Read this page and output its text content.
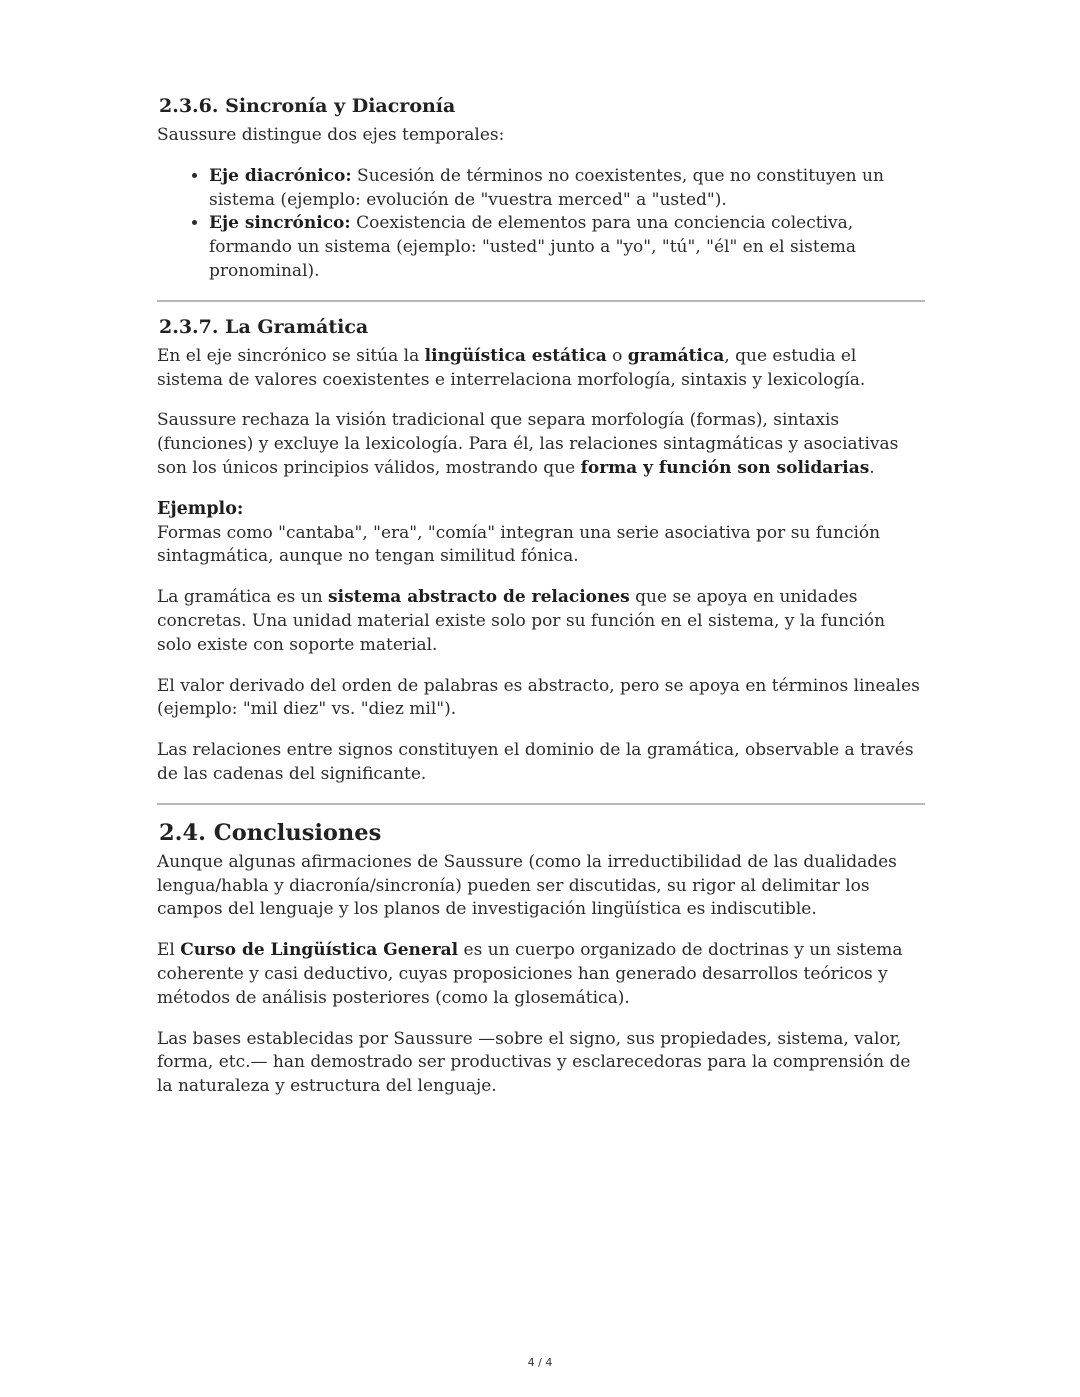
2.3.6. Sincronía y Diacronía

Saussure distingue dos ejes temporales:

• Eje diacrónico: Sucesión de términos no coexistentes, que no constituyen un sistema (ejemplo: evolución de "vuestra merced" a "usted").
• Eje sincrónico: Coexistencia de elementos para una conciencia colectiva, formando un sistema (ejemplo: "usted" junto a "yo", "tú", "él" en el sistema pronominal).
2.3.7. La Gramática

En el eje sincrónico se sitúa la lingüística estática o gramática, que estudia el sistema de valores coexistentes e interrelaciona morfología, sintaxis y lexicología.

Saussure rechaza la visión tradicional que separa morfología (formas), sintaxis (funciones) y excluye la lexicología. Para él, las relaciones sintagmáticas y asociativas son los únicos principios válidos, mostrando que forma y función son solidarias.

Ejemplo:
Formas como "cantaba", "era", "comía" integran una serie asociativa por su función sintagmática, aunque no tengan similitud fónica.

La gramática es un sistema abstracto de relaciones que se apoya en unidades concretas. Una unidad material existe solo por su función en el sistema, y la función solo existe con soporte material.

El valor derivado del orden de palabras es abstracto, pero se apoya en términos lineales (ejemplo: "mil diez" vs. "diez mil").

Las relaciones entre signos constituyen el dominio de la gramática, observable a través de las cadenas del significante.

2.4. Conclusiones

Aunque algunas afirmaciones de Saussure (como la irreductibilidad de las dualidades lengua/habla y diacronía/sincronía) pueden ser discutidas, su rigor al delimitar los campos del lenguaje y los planos de investigación lingüística es indiscutible.

El Curso de Lingüística General es un cuerpo organizado de doctrinas y un sistema coherente y casi deductivo, cuyas proposiciones han generado desarrollos teóricos y métodos de análisis posteriores (como la glosemática).

Las bases establecidas por Saussure —sobre el signo, sus propiedades, sistema, valor, forma, etc.— han demostrado ser productivas y esclarecedoras para la comprensión de la naturaleza y estructura del lenguaje.

4 / 4
